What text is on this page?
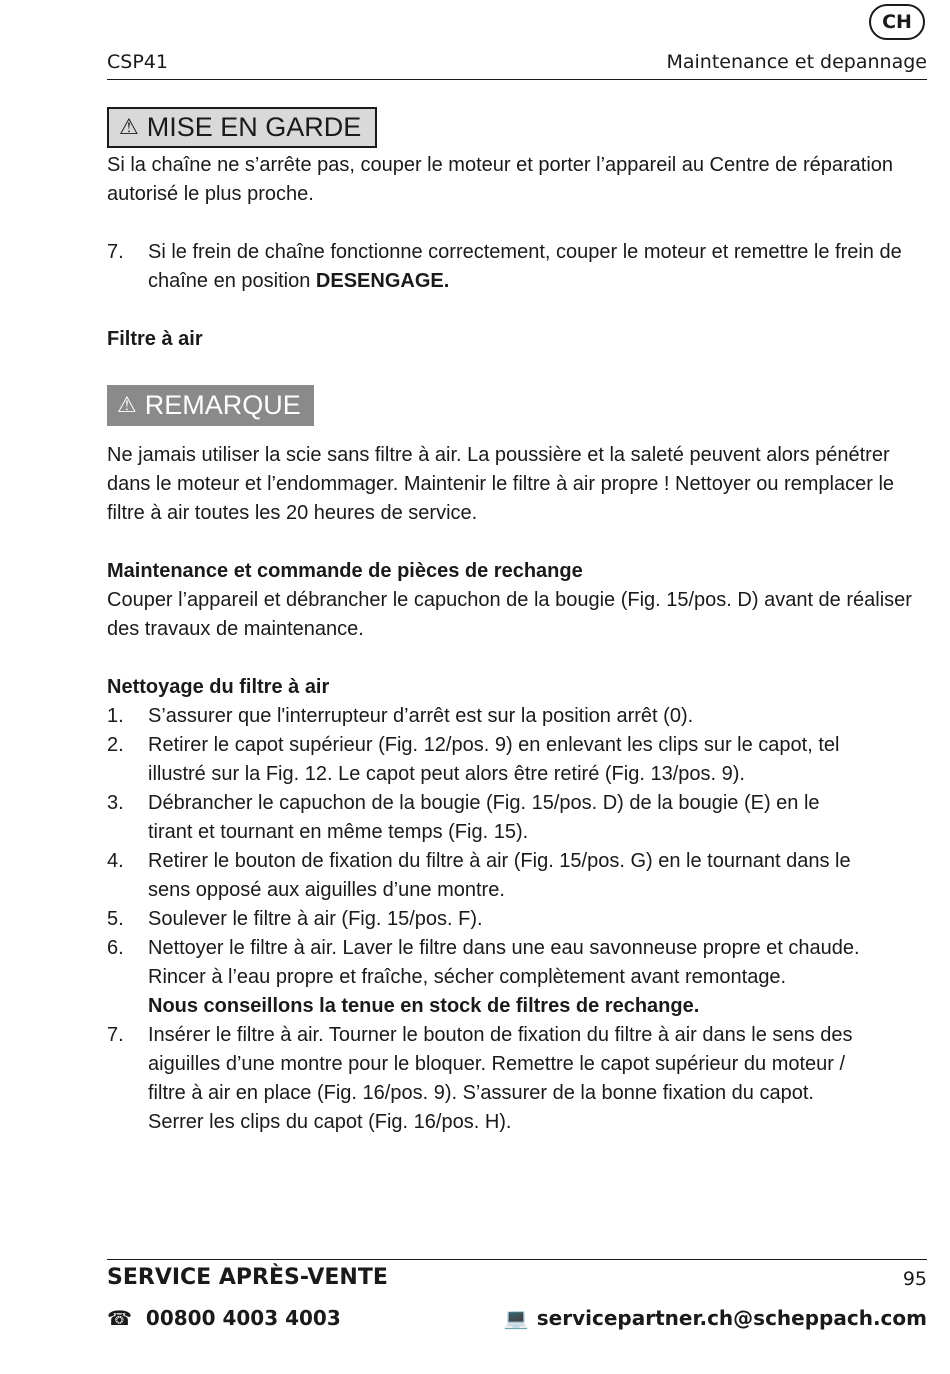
CH
CSP41	Maintenance et depannage
⚠ MISE EN GARDE

Si la chaîne ne s’arrête pas, couper le moteur et porter l’appareil au Centre de réparation autorisé le plus proche.

7.	Si le frein de chaîne fonctionne correctement, couper le moteur et remettre le frein de chaîne en position DESENGAGE.
Filtre à air
⚠ REMARQUE

Ne jamais utiliser la scie sans filtre à air. La poussière et la saleté peuvent alors pénétrer dans le moteur et l’endommager. Maintenir le filtre à air propre ! Nettoyer ou remplacer le filtre à air toutes les 20 heures de service.

Maintenance et commande de pièces de rechange

Couper l’appareil et débrancher le capuchon de la bougie (Fig. 15/pos. D) avant de réaliser des travaux de maintenance.

Nettoyage du filtre à air
1.	S’assurer que l'interrupteur d’arrêt est sur la position arrêt (0).
2.	Retirer le capot supérieur (Fig. 12/pos. 9) en enlevant les clips sur le capot, tel
illustré sur la Fig. 12. Le capot peut alors être retiré (Fig. 13/pos. 9).
3.	Débrancher le capuchon de la bougie (Fig. 15/pos. D) de la bougie (E) en le
tirant et tournant en même temps (Fig. 15).
4.	Retirer le bouton de fixation du filtre à air (Fig. 15/pos. G) en le tournant dans le
sens opposé aux aiguilles d’une montre.
5.	Soulever le filtre à air (Fig. 15/pos. F).
6.	Nettoyer le filtre à air. Laver le filtre dans une eau savonneuse propre et chaude.
Rincer à l’eau propre et fraîche, sécher complètement avant remontage.
Nous conseillons la tenue en stock de filtres de rechange.
7.	Insérer le filtre à air. Tourner le bouton de fixation du filtre à air dans le sens des
aiguilles d’une montre pour le bloquer. Remettre le capot supérieur du moteur /
filtre à air en place (Fig. 16/pos. 9). S’assurer de la bonne fixation du capot.
Serrer les clips du capot (Fig. 16/pos. H).
SERVICE APRÈS-VENTE	95
☎ 00800 4003 4003	💻 servicepartner.ch@scheppach.com
